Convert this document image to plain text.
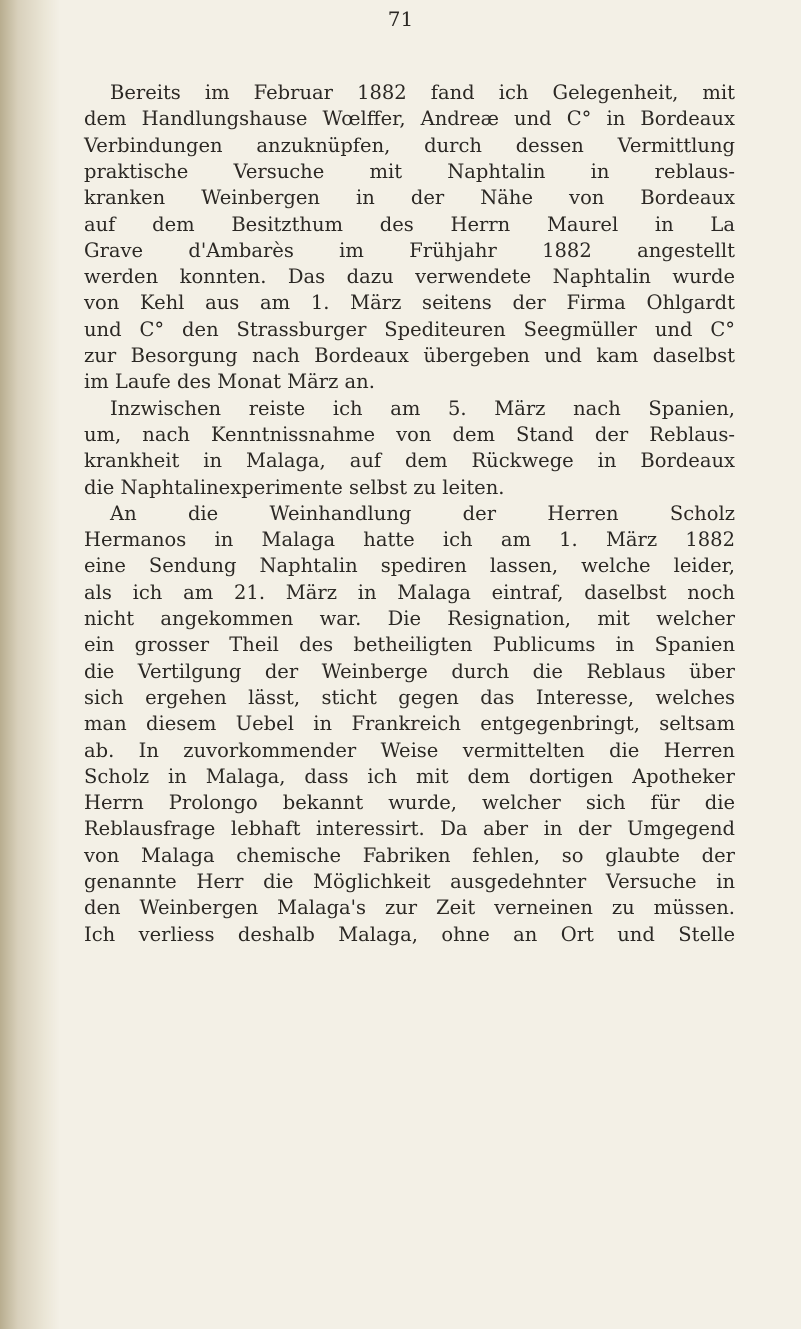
71
Bereits im Februar 1882 fand ich Gelegenheit, mit
dem Handlungshause Wœlffer, Andreæ und C° in Bordeaux
Verbindungen anzuknüpfen, durch dessen Vermittlung
praktische Versuche mit Naphtalin in reblaus-
kranken Weinbergen in der Nähe von Bordeaux
auf dem Besitzthum des Herrn Maurel in La
Grave d'Ambarès im Frühjahr 1882 angestellt
werden konnten. Das dazu verwendete Naphtalin wurde
von Kehl aus am 1. März seitens der Firma Ohlgardt
und C° den Strassburger Spediteuren Seegmüller und C°
zur Besorgung nach Bordeaux übergeben und kam daselbst
im Laufe des Monat März an.
Inzwischen reiste ich am 5. März nach Spanien,
um, nach Kenntnissnahme von dem Stand der Reblaus-
krankheit in Malaga, auf dem Rückwege in Bordeaux
die Naphtalinexperimente selbst zu leiten.
An die Weinhandlung der Herren Scholz
Hermanos in Malaga hatte ich am 1. März 1882
eine Sendung Naphtalin spediren lassen, welche leider,
als ich am 21. März in Malaga eintraf, daselbst noch
nicht angekommen war. Die Resignation, mit welcher
ein grosser Theil des betheiligten Publicums in Spanien
die Vertilgung der Weinberge durch die Reblaus über
sich ergehen lässt, sticht gegen das Interesse, welches
man diesem Uebel in Frankreich entgegenbringt, seltsam
ab. In zuvorkommender Weise vermittelten die Herren
Scholz in Malaga, dass ich mit dem dortigen Apotheker
Herrn Prolongo bekannt wurde, welcher sich für die
Reblausfrage lebhaft interessirt. Da aber in der Umgegend
von Malaga chemische Fabriken fehlen, so glaubte der
genannte Herr die Möglichkeit ausgedehnter Versuche in
den Weinbergen Malaga's zur Zeit verneinen zu müssen.
Ich verliess deshalb Malaga, ohne an Ort und Stelle
